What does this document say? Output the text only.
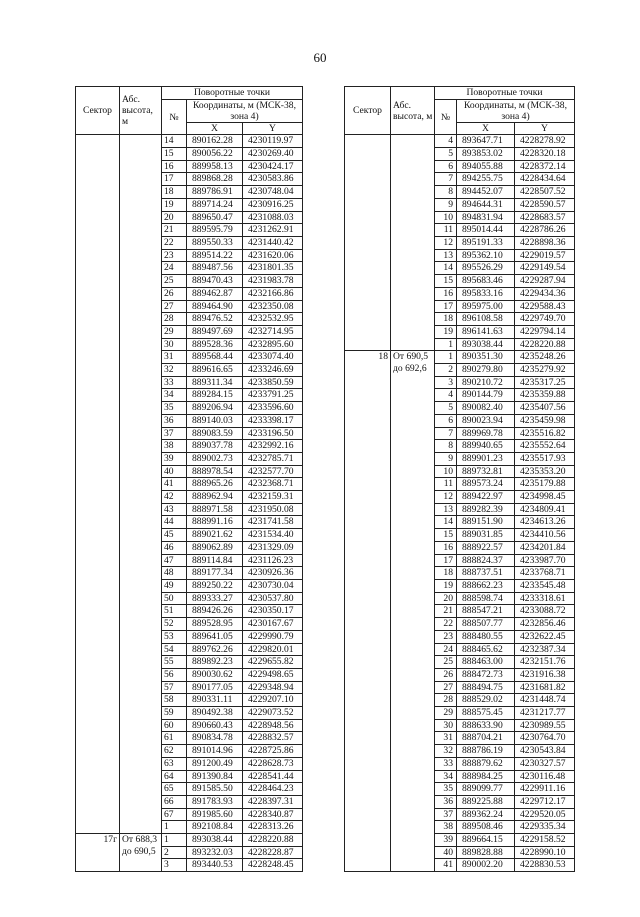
60
Сектор	Абс. высота, м	Поворотные точки		
		№	Координаты, м (МСК-38, зона 4)	
			X	Y
		14	890162.28	4230119.97
		15	890056.22	4230269.40
		16	889958.13	4230424.17
		17	889868.28	4230583.86
		18	889786.91	4230748.04
		19	889714.24	4230916.25
		20	889650.47	4231088.03
		21	889595.79	4231262.91
		22	889550.33	4231440.42
		23	889514.22	4231620.06
		24	889487.56	4231801.35
		25	889470.43	4231983.78
		26	889462.87	4232166.86
		27	889464.90	4232350.08
		28	889476.52	4232532.95
		29	889497.69	4232714.95
		30	889528.36	4232895.60
		31	889568.44	4233074.40
		32	889616.65	4233246.69
		33	889311.34	4233850.59
		34	889284.15	4233791.25
		35	889206.94	4233596.60
		36	889140.03	4233398.17
		37	889083.59	4233196.50
		38	889037.78	4232992.16
		39	889002.73	4232785.71
		40	888978.54	4232577.70
		41	888965.26	4232368.71
		42	888962.94	4232159.31
		43	888971.58	4231950.08
		44	888991.16	4231741.58
		45	889021.62	4231534.40
		46	889062.89	4231329.09
		47	889114.84	4231126.23
		48	889177.34	4230926.36
		49	889250.22	4230730.04
		50	889333.27	4230537.80
		51	889426.26	4230350.17
		52	889528.95	4230167.67
		53	889641.05	4229990.79
		54	889762.26	4229820.01
		55	889892.23	4229655.82
		56	890030.62	4229498.65
		57	890177.05	4229348.94
		58	890331.11	4229207.10
		59	890492.38	4229073.52
		60	890660.43	4228948.56
		61	890834.78	4228832.57
		62	891014.96	4228725.86
		63	891200.49	4228628.73
		64	891390.84	4228541.44
		65	891585.50	4228464.23
		66	891783.93	4228397.31
		67	891985.60	4228340.87
		1	892108.84	4228313.26
17г	От 688,3 до 690,5	1	893038.44	4228220.88
		2	893232.03	4228228.87
		3	893440.53	4228248.45
Сектор	Абс. высота, м	Поворотные точки		
		№	Координаты, м (МСК-38, зона 4)	
			X	Y
		4	893647.71	4228278.92
		5	893853.02	4228320.18
		6	894055.88	4228372.14
		7	894255.75	4228434.64
		8	894452.07	4228507.52
		9	894644.31	4228590.57
		10	894831.94	4228683.57
		11	895014.44	4228786.26
		12	895191.33	4228898.36
		13	895362.10	4229019.57
		14	895526.29	4229149.54
		15	895683.46	4229287.94
		16	895833.16	4229434.36
		17	895975.00	4229588.43
		18	896108.58	4229749.70
		19	896141.63	4229794.14
		1	893038.44	4228220.88
18	От 690,5 до 692,6	1	890351.30	4235248.26
		2	890279.80	4235279.92
		3	890210.72	4235317.25
		4	890144.79	4235359.88
		5	890082.40	4235407.56
		6	890023.94	4235459.98
		7	889969.78	4235516.82
		8	889940.65	4235552.64
		9	889901.23	4235517.93
		10	889732.81	4235353.20
		11	889573.24	4235179.88
		12	889422.97	4234998.45
		13	889282.39	4234809.41
		14	889151.90	4234613.26
		15	889031.85	4234410.56
		16	888922.57	4234201.84
		17	888824.37	4233987.70
		18	888737.51	4233768.71
		19	888662.23	4233545.48
		20	888598.74	4233318.61
		21	888547.21	4233088.72
		22	888507.77	4232856.46
		23	888480.55	4232622.45
		24	888465.62	4232387.34
		25	888463.00	4232151.76
		26	888472.73	4231916.38
		27	888494.75	4231681.82
		28	888529.02	4231448.74
		29	888575.45	4231217.77
		30	888633.90	4230989.55
		31	888704.21	4230764.70
		32	888786.19	4230543.84
		33	888879.62	4230327.57
		34	888984.25	4230116.48
		35	889099.77	4229911.16
		36	889225.88	4229712.17
		37	889362.24	4229520.05
		38	889508.46	4229335.34
		39	889664.15	4229158.52
		40	889828.88	4228990.10
		41	890002.20	4228830.53
